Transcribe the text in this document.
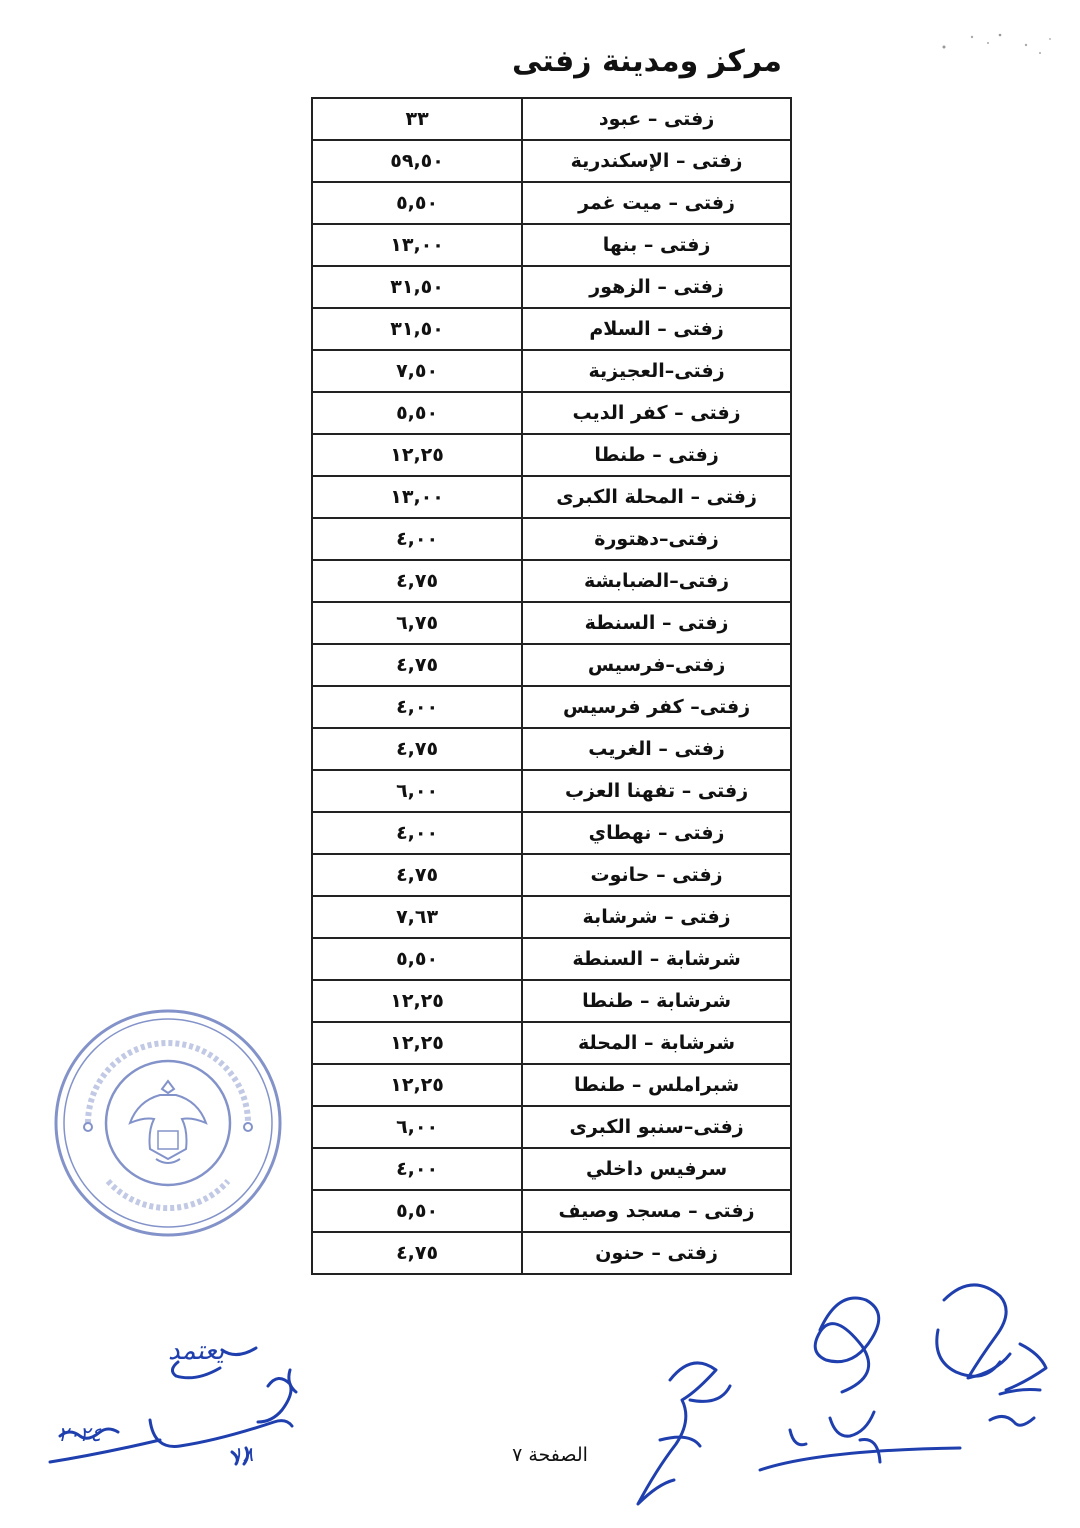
مركز ومدينة زفتى
زفتى – عبود	٣٣
زفتى – الإسكندرية	٥٩,٥٠
زفتى – ميت غمر	٥,٥٠
زفتى – بنها	١٣,٠٠
زفتى – الزهور	٣١,٥٠
زفتى – السلام	٣١,٥٠
زفتى–العجيزية	٧,٥٠
زفتى – كفر الديب	٥,٥٠
زفتى – طنطا	١٢,٢٥
زفتى – المحلة الكبرى	١٣,٠٠
زفتى–دهتورة	٤,٠٠
زفتى–الضبابشة	٤,٧٥
زفتى – السنطة	٦,٧٥
زفتى–فرسيس	٤,٧٥
زفتى– كفر فرسيس	٤,٠٠
زفتى – الغريب	٤,٧٥
زفتى – تفهنا العزب	٦,٠٠
زفتى – نهطاي	٤,٠٠
زفتى – حانوت	٤,٧٥
زفتى – شرشابة	٧,٦٣
شرشابة – السنطة	٥,٥٠
شرشابة – طنطا	١٢,٢٥
شرشابة – المحلة	١٢,٢٥
شبراملس – طنطا	١٢,٢٥
زفتى–سنبو الكبرى	٦,٠٠
سرفيس داخلي	٤,٠٠
زفتى – مسجد وصيف	٥,٥٠
زفتى – حنون	٤,٧٥
يعتمد
٢٠٢٤
١٨	الصفحة ٧
